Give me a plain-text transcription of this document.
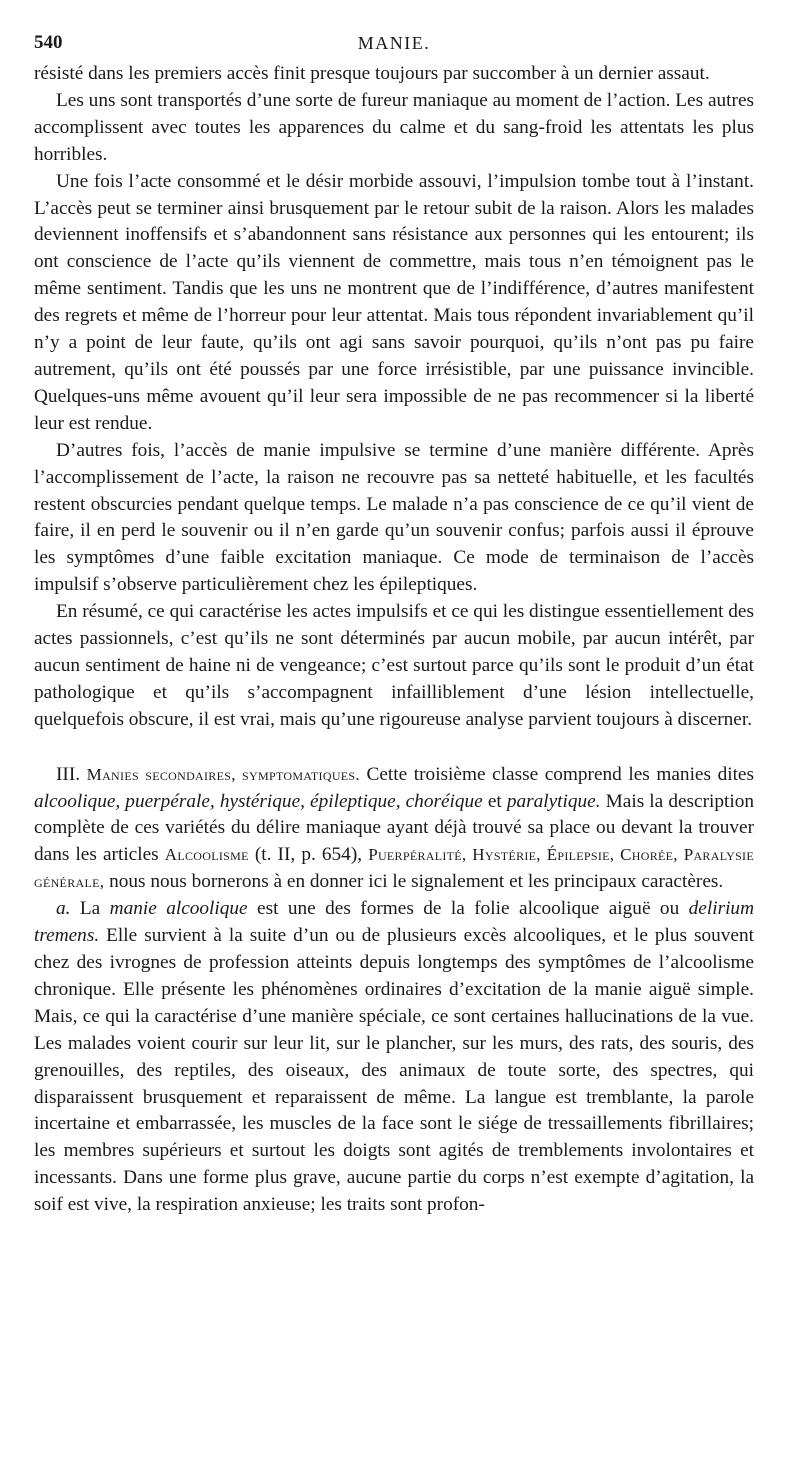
540	MANIE.

résisté dans les premiers accès finit presque toujours par succomber à un dernier assaut.

Les uns sont transportés d’une sorte de fureur maniaque au moment de l’action. Les autres accomplissent avec toutes les apparences du calme et du sang-froid les attentats les plus horribles.

Une fois l’acte consommé et le désir morbide assouvi, l’impulsion tombe tout à l’instant. L’accès peut se terminer ainsi brusquement par le retour subit de la raison. Alors les malades deviennent inoffensifs et s’abandonnent sans résistance aux personnes qui les entourent; ils ont conscience de l’acte qu’ils viennent de commettre, mais tous n’en témoignent pas le même sentiment. Tandis que les uns ne montrent que de l’indifférence, d’autres manifestent des regrets et même de l’horreur pour leur attentat. Mais tous répondent invariablement qu’il n’y a point de leur faute, qu’ils ont agi sans savoir pourquoi, qu’ils n’ont pas pu faire autrement, qu’ils ont été poussés par une force irrésistible, par une puissance invincible. Quelques-uns même avouent qu’il leur sera impossible de ne pas recommencer si la liberté leur est rendue.

D’autres fois, l’accès de manie impulsive se termine d’une manière différente. Après l’accomplissement de l’acte, la raison ne recouvre pas sa netteté habituelle, et les facultés restent obscurcies pendant quelque temps. Le malade n’a pas conscience de ce qu’il vient de faire, il en perd le souvenir ou il n’en garde qu’un souvenir confus; parfois aussi il éprouve les symptômes d’une faible excitation maniaque. Ce mode de terminaison de l’accès impulsif s’observe particulièrement chez les épileptiques.

En résumé, ce qui caractérise les actes impulsifs et ce qui les distingue essentiellement des actes passionnels, c’est qu’ils ne sont déterminés par aucun mobile, par aucun intérêt, par aucun sentiment de haine ni de vengeance; c’est surtout parce qu’ils sont le produit d’un état pathologique et qu’ils s’accompagnent infailliblement d’une lésion intellectuelle, quelquefois obscure, il est vrai, mais qu’une rigoureuse analyse parvient toujours à discerner.

III. Manies secondaires, symptomatiques. Cette troisième classe comprend les manies dites alcoolique, puerpérale, hystérique, épileptique, choréique et paralytique. Mais la description complète de ces variétés du délire maniaque ayant déjà trouvé sa place ou devant la trouver dans les articles Alcoolisme (t. II, p. 654), Puerpéralité, Hystérie, Épilepsie, Chorée, Paralysie générale, nous nous bornerons à en donner ici le signalement et les principaux caractères.

a. La manie alcoolique est une des formes de la folie alcoolique aiguë ou delirium tremens. Elle survient à la suite d’un ou de plusieurs excès alcooliques, et le plus souvent chez des ivrognes de profession atteints depuis longtemps des symptômes de l’alcoolisme chronique. Elle présente les phénomènes ordinaires d’excitation de la manie aiguë simple. Mais, ce qui la caractérise d’une manière spéciale, ce sont certaines hallucinations de la vue. Les malades voient courir sur leur lit, sur le plancher, sur les murs, des rats, des souris, des grenouilles, des reptiles, des oiseaux, des animaux de toute sorte, des spectres, qui disparaissent brusquement et reparaissent de même. La langue est tremblante, la parole incertaine et embarrassée, les muscles de la face sont le siége de tressaillements fibrillaires; les membres supérieurs et surtout les doigts sont agités de tremblements involontaires et incessants. Dans une forme plus grave, aucune partie du corps n’est exempte d’agitation, la soif est vive, la respiration anxieuse; les traits sont profon-
